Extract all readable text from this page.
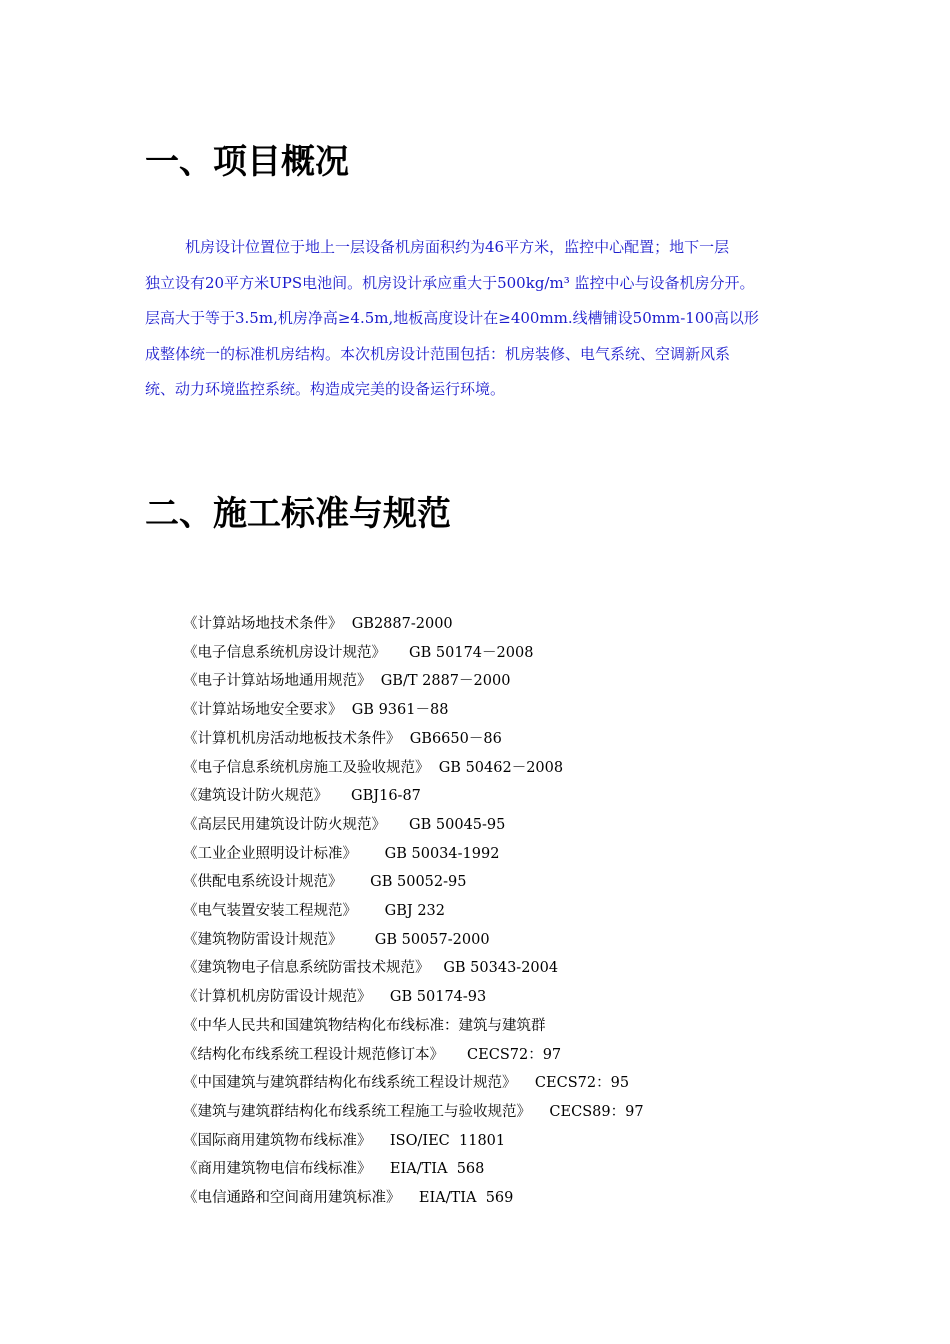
一、项目概况
机房设计位置位于地上一层设备机房面积约为46平方米，监控中心配置；地下一层
独立设有20平方米UPS电池间。机房设计承应重大于500kg/m³ 监控中心与设备机房分开。
层高大于等于3.5m,机房净高≥4.5m,地板高度设计在≥400mm.线槽铺设50mm-100高以形
成整体统一的标准机房结构。本次机房设计范围包括：机房装修、电气系统、空调新风系
统、动力环境监控系统。构造成完美的设备运行环境。
二、施工标准与规范
《计算站场地技术条件》  GB2887-2000
《电子信息系统机房设计规范》     GB 50174－2008
《电子计算站场地通用规范》  GB/T 2887－2000
《计算站场地安全要求》  GB 9361－88
《计算机机房活动地板技术条件》  GB6650－86
《电子信息系统机房施工及验收规范》  GB 50462－2008
《建筑设计防火规范》     GBJ16-87
《高层民用建筑设计防火规范》     GB 50045-95
《工业企业照明设计标准》      GB 50034-1992
《供配电系统设计规范》      GB 50052-95
《电气装置安装工程规范》      GBJ 232
《建筑物防雷设计规范》       GB 50057-2000
《建筑物电子信息系统防雷技术规范》   GB 50343-2004
《计算机机房防雷设计规范》    GB 50174-93
《中华人民共和国建筑物结构化布线标准：建筑与建筑群
《结构化布线系统工程设计规范修订本》     CECS72：97
《中国建筑与建筑群结构化布线系统工程设计规范》    CECS72：95
《建筑与建筑群结构化布线系统工程施工与验收规范》    CECS89：97
《国际商用建筑物布线标准》    ISO/IEC  11801
《商用建筑物电信布线标准》    EIA/TIA  568
《电信通路和空间商用建筑标准》    EIA/TIA  569
